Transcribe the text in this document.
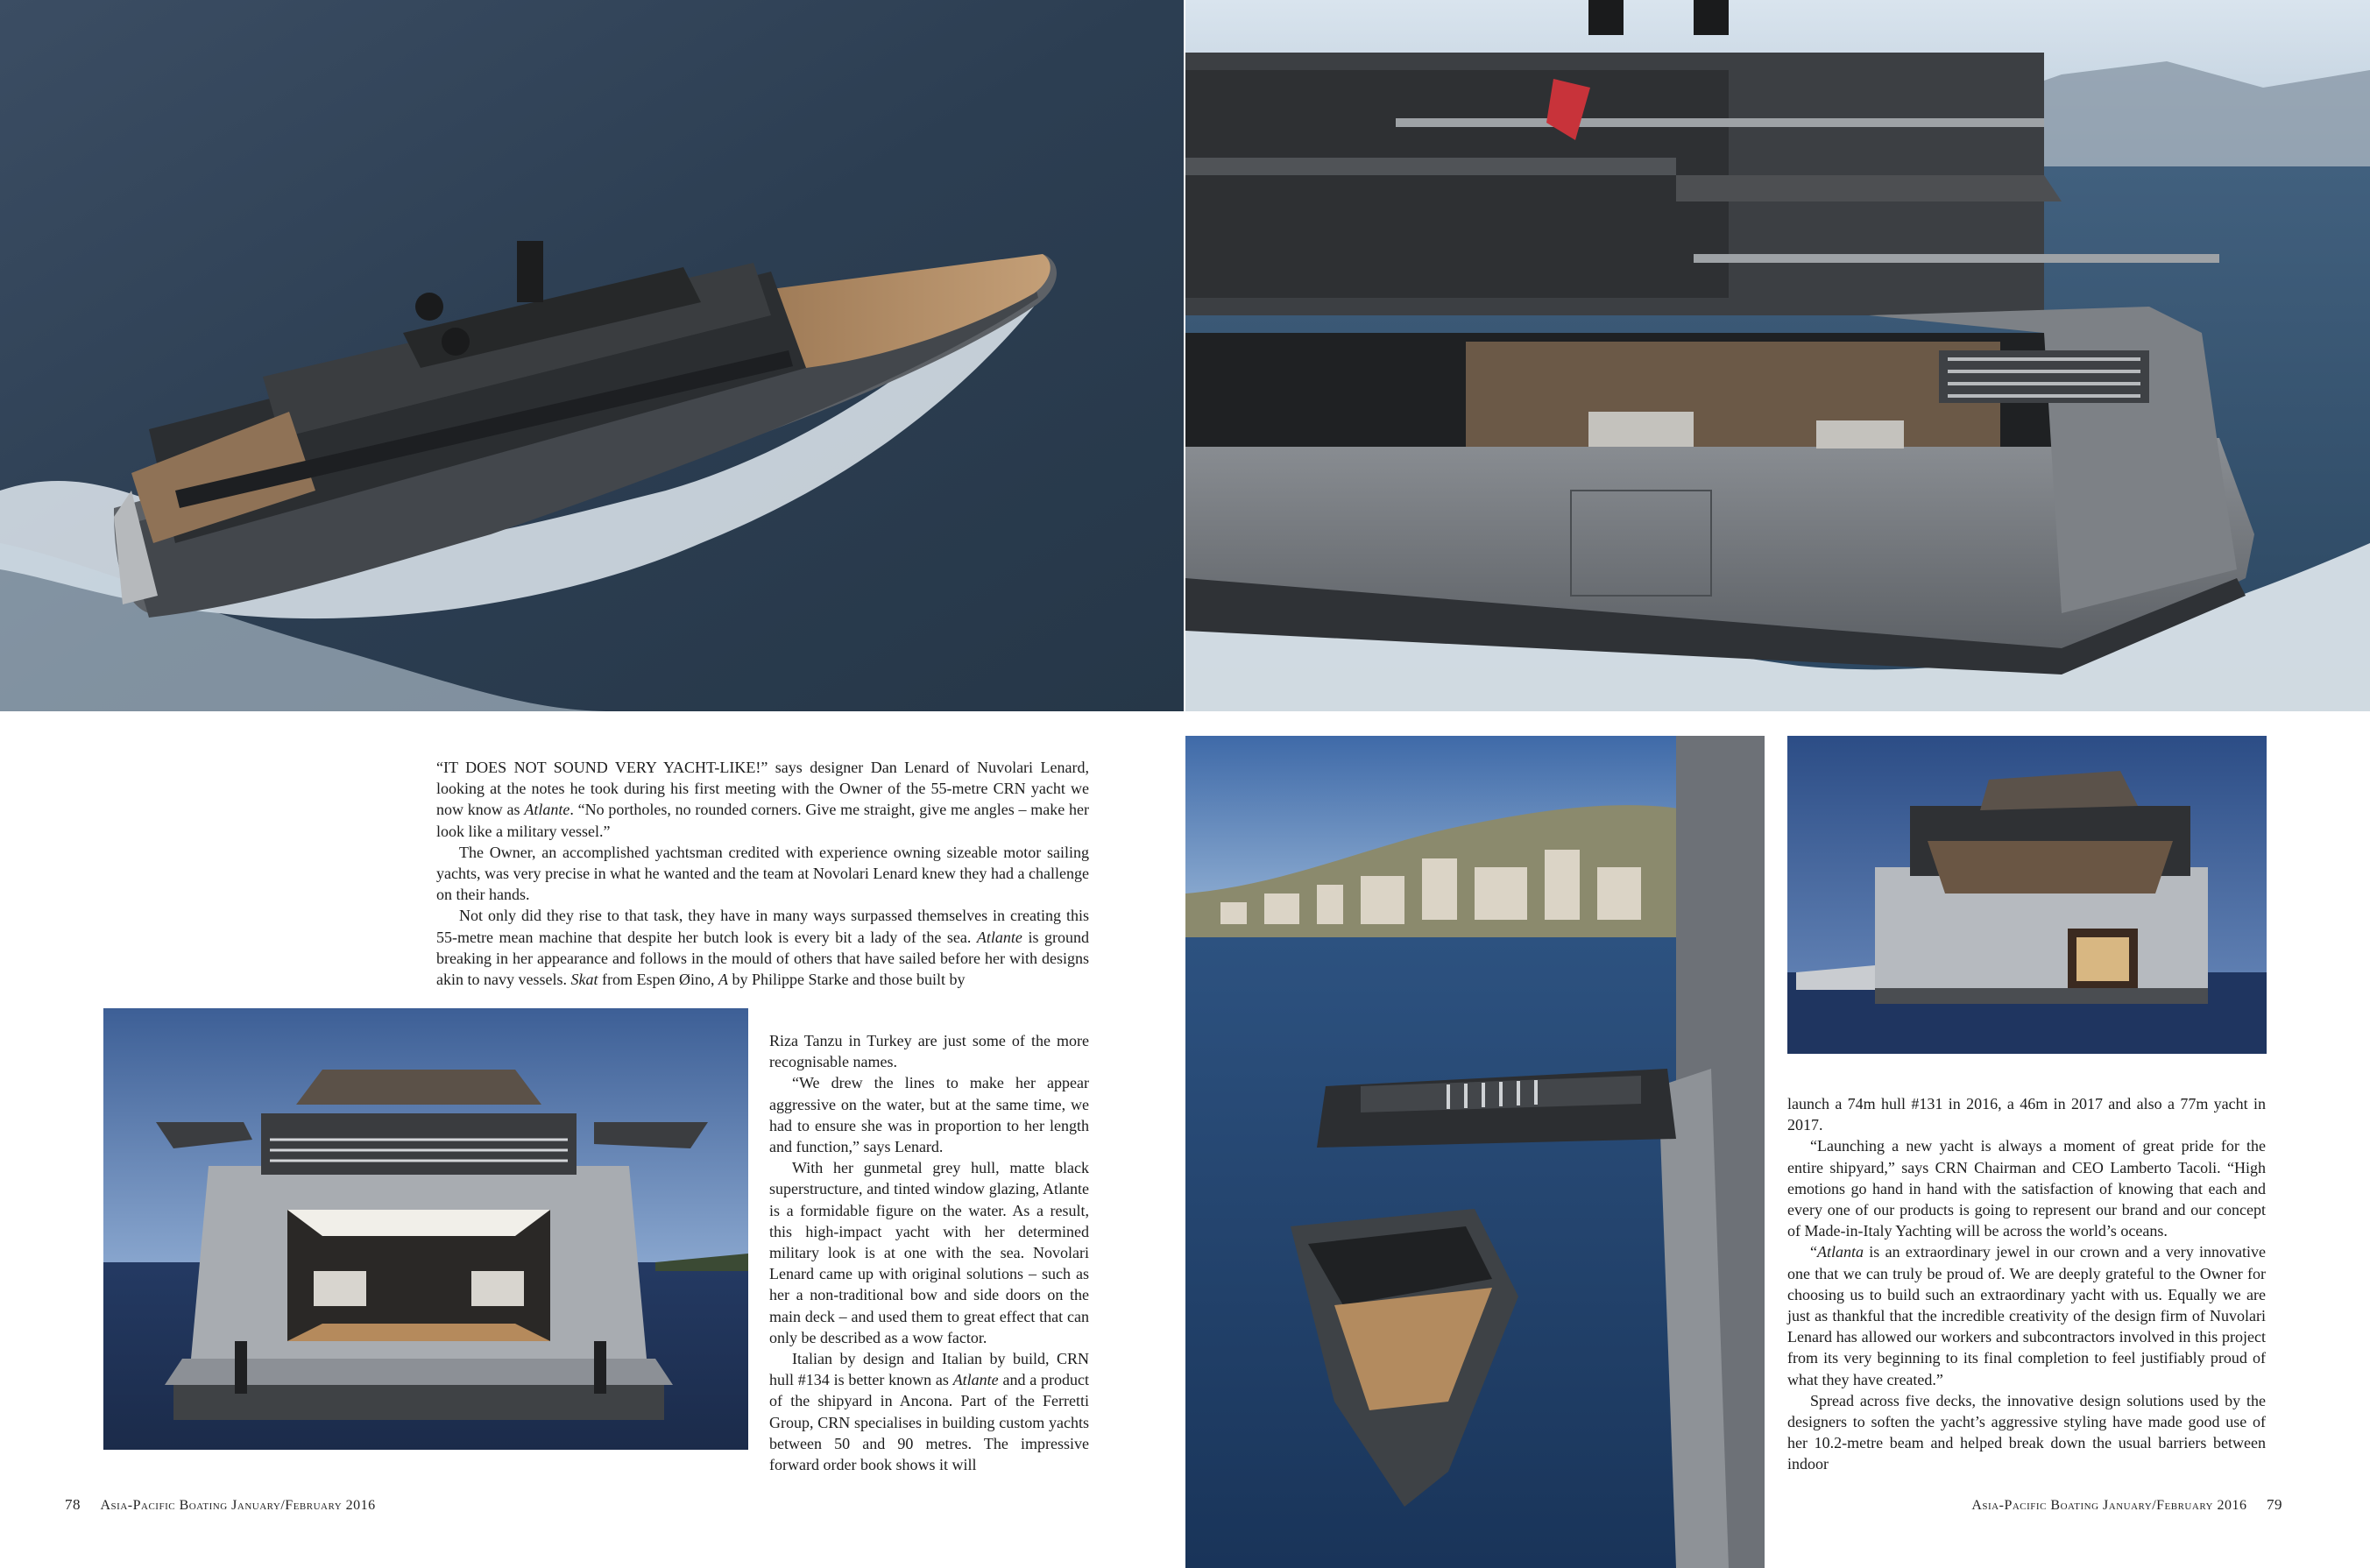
“IT DOES NOT SOUND VERY YACHT-LIKE!” says designer Dan Lenard of Nuvolari Lenard, looking at the notes he took during his first meeting with the Owner of the 55-metre CRN yacht we now know as Atlante. “No portholes, no rounded corners. Give me straight, give me angles – make her look like a military vessel.”

The Owner, an accomplished yachtsman credited with experience owning sizeable motor sailing yachts, was very precise in what he wanted and the team at Novolari Lenard knew they had a challenge on their hands.

Not only did they rise to that task, they have in many ways surpassed themselves in creating this 55-metre mean machine that despite her butch look is every bit a lady of the sea. Atlante is ground breaking in her appearance and follows in the mould of others that have sailed before her with designs akin to navy vessels. Skat from Espen Øino, A by Philippe Starke and those built by

Riza Tanzu in Turkey are just some of the more recognisable names.

“We drew the lines to make her appear aggressive on the water, but at the same time, we had to ensure she was in proportion to her length and function,” says Lenard.

With her gunmetal grey hull, matte black superstructure, and tinted window glazing, Atlante is a formidable figure on the water. As a result, this high-impact yacht with her determined military look is at one with the sea. Novolari Lenard came up with original solutions – such as her a non-traditional bow and side doors on the main deck – and used them to great effect that can only be described as a wow factor.

Italian by design and Italian by build, CRN hull #134 is better known as Atlante and a product of the shipyard in Ancona. Part of the Ferretti Group, CRN specialises in building custom yachts between 50 and 90 metres. The impressive forward order book shows it will

launch a 74m hull #131 in 2016, a 46m in 2017 and also a 77m yacht in 2017.

“Launching a new yacht is always a moment of great pride for the entire shipyard,” says CRN Chairman and CEO Lamberto Tacoli. “High emotions go hand in hand with the satisfaction of knowing that each and every one of our products is going to represent our brand and our concept of Made-in-Italy Yachting will be across the world’s oceans.

“Atlanta is an extraordinary jewel in our crown and a very innovative one that we can truly be proud of. We are deeply grateful to the Owner for choosing us to build such an extraordinary yacht with us. Equally we are just as thankful that the incredible creativity of the design firm of Nuvolari Lenard has allowed our workers and subcontractors involved in this project from its very beginning to its final completion to feel justifiably proud of what they have created.”

Spread across five decks, the innovative design solutions used by the designers to soften the yacht’s aggressive styling have made good use of her 10.2-metre beam and helped break down the usual barriers between indoor

78 Asia-Pacific Boating January/February 2016	Asia-Pacific Boating January/February 2016 79
